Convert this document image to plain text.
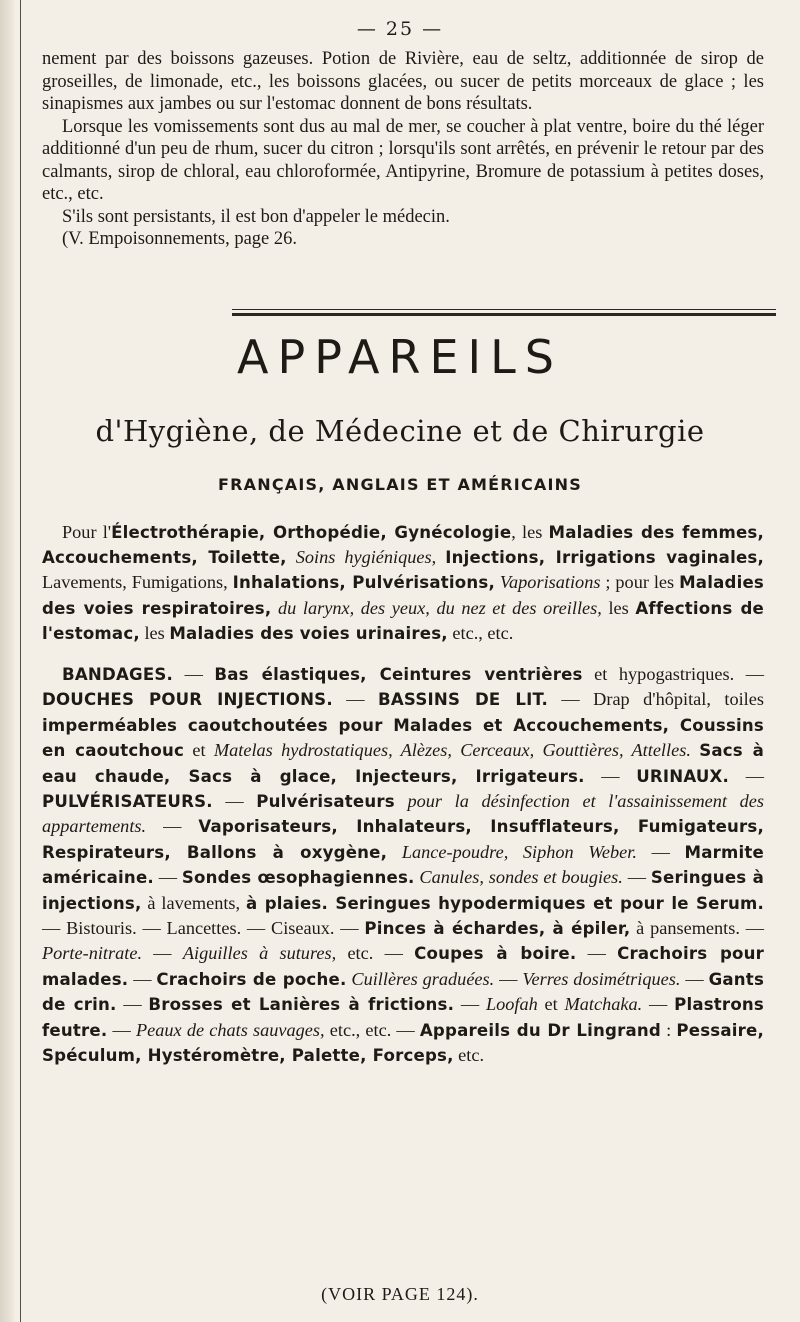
— 25 —

nement par des boissons gazeuses. Potion de Rivière, eau de seltz, additionnée de sirop de groseilles, de limonade, etc., les boissons glacées, ou sucer de petits morceaux de glace ; les sinapismes aux jambes ou sur l'estomac donnent de bons résultats.

Lorsque les vomissements sont dus au mal de mer, se coucher à plat ventre, boire du thé léger additionné d'un peu de rhum, sucer du citron ; lorsqu'ils sont arrêtés, en prévenir le retour par des calmants, sirop de chloral, eau chloroformée, Antipyrine, Bromure de potassium à petites doses, etc., etc.

S'ils sont persistants, il est bon d'appeler le médecin.

(V. Empoisonnements, page 26.

APPAREILS
d'Hygiène, de Médecine et de Chirurgie
FRANÇAIS, ANGLAIS ET AMÉRICAINS

Pour l'Électrothérapie, Orthopédie, Gynécologie, les Maladies des femmes, Accouchements, Toilette, Soins hygiéniques, Injections, Irrigations vaginales, Lavements, Fumigations, Inhalations, Pulvérisations, Vaporisations ; pour les Maladies des voies respiratoires, du larynx, des yeux, du nez et des oreilles, les Affections de l'estomac, les Maladies des voies urinaires, etc., etc.

BANDAGES. — Bas élastiques, Ceintures ventrières et hypogastriques. — DOUCHES POUR INJECTIONS. — BASSINS DE LIT. — Drap d'hôpital, toiles imperméables caoutchoutées pour Malades et Accouchements, Coussins en caoutchouc et Matelas hydrostatiques, Alèzes, Cerceaux, Gouttières, Attelles. Sacs à eau chaude, Sacs à glace, Injecteurs, Irrigateurs. — URINAUX. — PULVÉRISATEURS. — Pulvérisateurs pour la désinfection et l'assainissement des appartements. — Vaporisateurs, Inhalateurs, Insufflateurs, Fumigateurs, Respirateurs, Ballons à oxygène, Lance-poudre, Siphon Weber. — Marmite américaine. — Sondes œsophagiennes. Canules, sondes et bougies. — Seringues à injections, à lavements, à plaies. Seringues hypodermiques et pour le Serum. — Bistouris. — Lancettes. — Ciseaux. — Pinces à échardes, à épiler, à pansements. — Porte-nitrate. — Aiguilles à sutures, etc. — Coupes à boire. — Crachoirs pour malades. — Crachoirs de poche. Cuillères graduées. — Verres dosimétriques. — Gants de crin. — Brosses et Lanières à frictions. — Loofah et Matchaka. — Plastrons feutre. — Peaux de chats sauvages, etc., etc. — Appareils du Dr Lingrand : Pessaire, Spéculum, Hystéromètre, Palette, Forceps, etc.

(VOIR PAGE 124).
